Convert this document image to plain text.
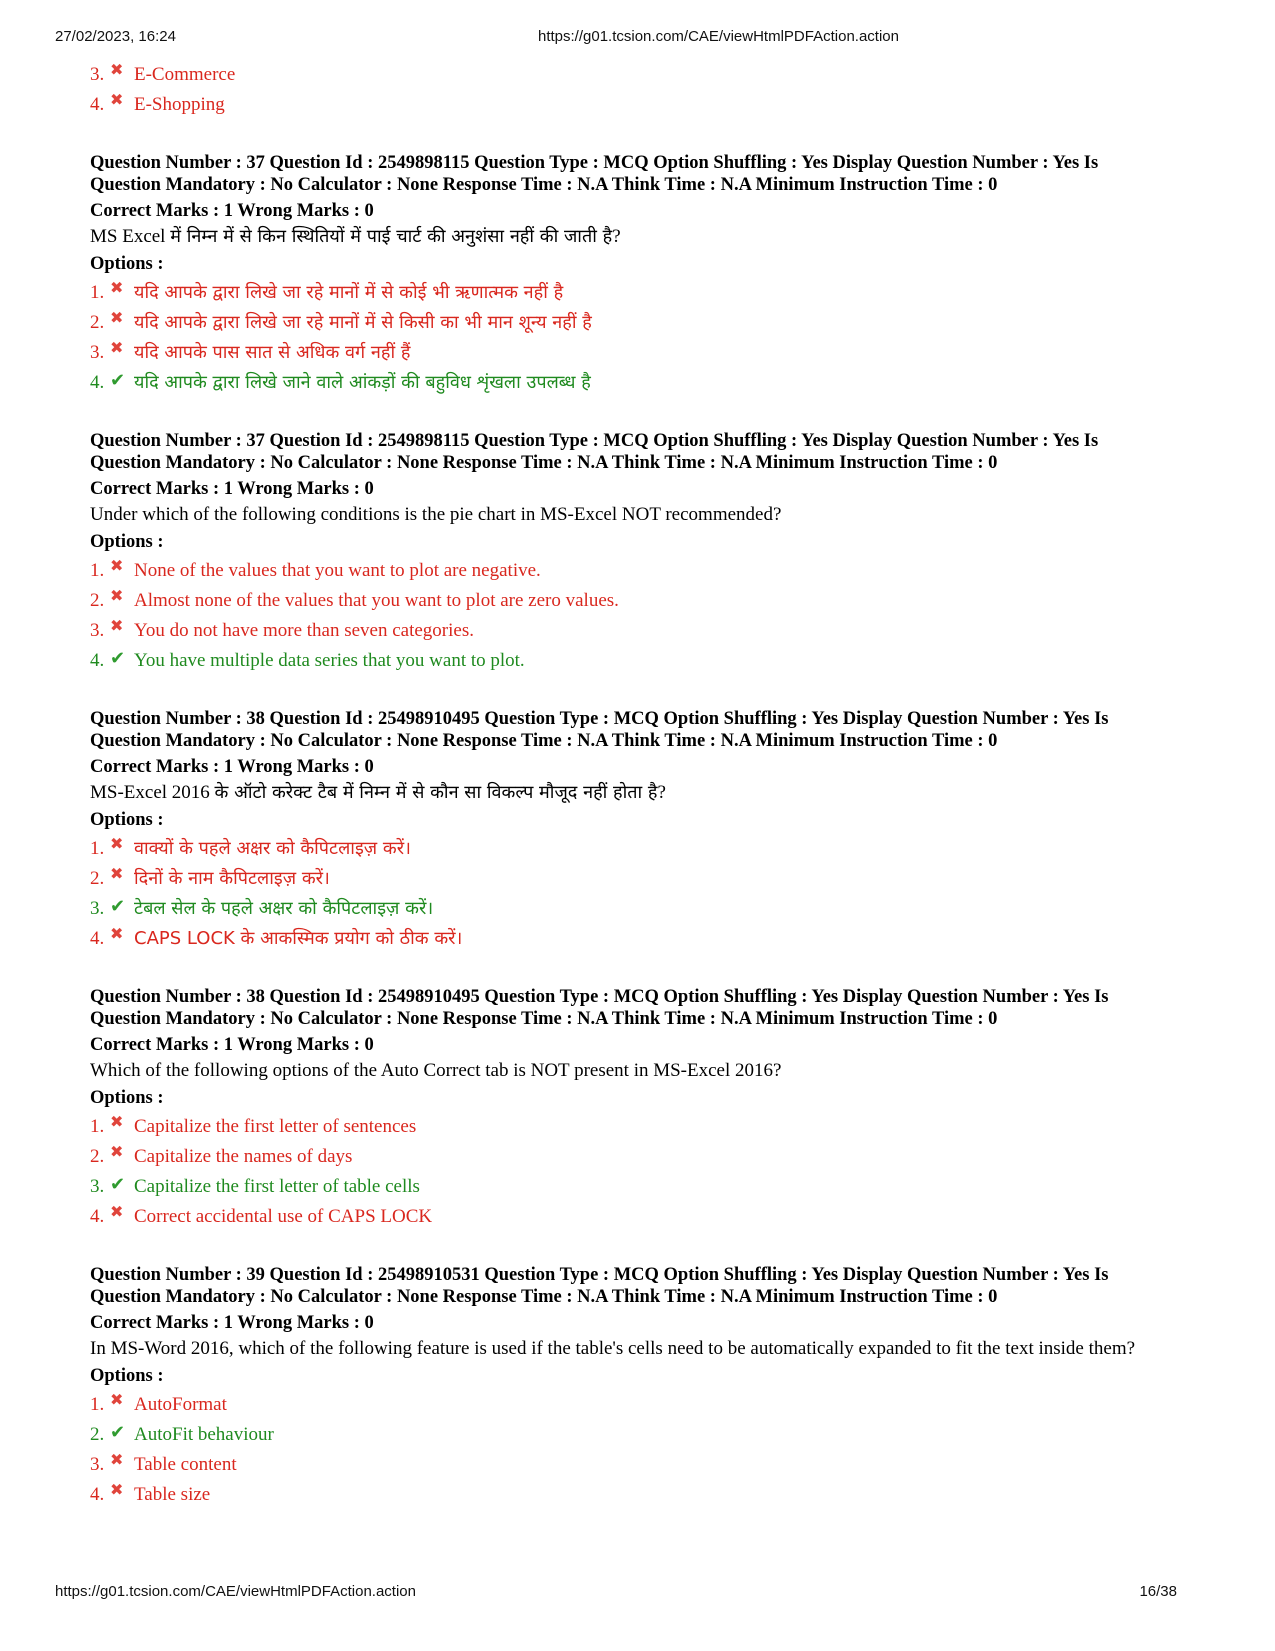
27/02/2023, 16:24	https://g01.tcsion.com/CAE/viewHtmlPDFAction.action
3. ✖ E-Commerce
4. ✖ E-Shopping
Question Number : 37 Question Id : 2549898115 Question Type : MCQ Option Shuffling : Yes Display Question Number : Yes Is
Question Mandatory : No Calculator : None Response Time : N.A Think Time : N.A Minimum Instruction Time : 0
Correct Marks : 1 Wrong Marks : 0
MS Excel में निम्न में से किन स्थितियों में पाई चार्ट की अनुशंसा नहीं की जाती है?
Options :
1. ✖ यदि आपके द्वारा लिखे जा रहे मानों में से कोई भी ऋणात्मक नहीं है
2. ✖ यदि आपके द्वारा लिखे जा रहे मानों में से किसी का भी मान शून्य नहीं है
3. ✖ यदि आपके पास सात से अधिक वर्ग नहीं हैं
4. ✔ यदि आपके द्वारा लिखे जाने वाले आंकड़ों की बहुविध शृंखला उपलब्ध है
Question Number : 37 Question Id : 2549898115 Question Type : MCQ Option Shuffling : Yes Display Question Number : Yes Is
Question Mandatory : No Calculator : None Response Time : N.A Think Time : N.A Minimum Instruction Time : 0
Correct Marks : 1 Wrong Marks : 0
Under which of the following conditions is the pie chart in MS-Excel NOT recommended?
Options :
1. ✖ None of the values that you want to plot are negative.
2. ✖ Almost none of the values that you want to plot are zero values.
3. ✖ You do not have more than seven categories.
4. ✔ You have multiple data series that you want to plot.
Question Number : 38 Question Id : 25498910495 Question Type : MCQ Option Shuffling : Yes Display Question Number : Yes Is
Question Mandatory : No Calculator : None Response Time : N.A Think Time : N.A Minimum Instruction Time : 0
Correct Marks : 1 Wrong Marks : 0
MS-Excel 2016 के ऑटो करेक्ट टैब में निम्न में से कौन सा विकल्प मौजूद नहीं होता है?
Options :
1. ✖ वाक्यों के पहले अक्षर को कैपिटलाइज़ करें।
2. ✖ दिनों के नाम कैपिटलाइज़ करें।
3. ✔ टेबल सेल के पहले अक्षर को कैपिटलाइज़ करें।
4. ✖ CAPS LOCK के आकस्मिक प्रयोग को ठीक करें।
Question Number : 38 Question Id : 25498910495 Question Type : MCQ Option Shuffling : Yes Display Question Number : Yes Is
Question Mandatory : No Calculator : None Response Time : N.A Think Time : N.A Minimum Instruction Time : 0
Correct Marks : 1 Wrong Marks : 0
Which of the following options of the Auto Correct tab is NOT present in MS-Excel 2016?
Options :
1. ✖ Capitalize the first letter of sentences
2. ✖ Capitalize the names of days
3. ✔ Capitalize the first letter of table cells
4. ✖ Correct accidental use of CAPS LOCK
Question Number : 39 Question Id : 25498910531 Question Type : MCQ Option Shuffling : Yes Display Question Number : Yes Is
Question Mandatory : No Calculator : None Response Time : N.A Think Time : N.A Minimum Instruction Time : 0
Correct Marks : 1 Wrong Marks : 0
In MS-Word 2016, which of the following feature is used if the table's cells need to be automatically expanded to fit the text inside them?
Options :
1. ✖ AutoFormat
2. ✔ AutoFit behaviour
3. ✖ Table content
4. ✖ Table size
https://g01.tcsion.com/CAE/viewHtmlPDFAction.action	16/38
